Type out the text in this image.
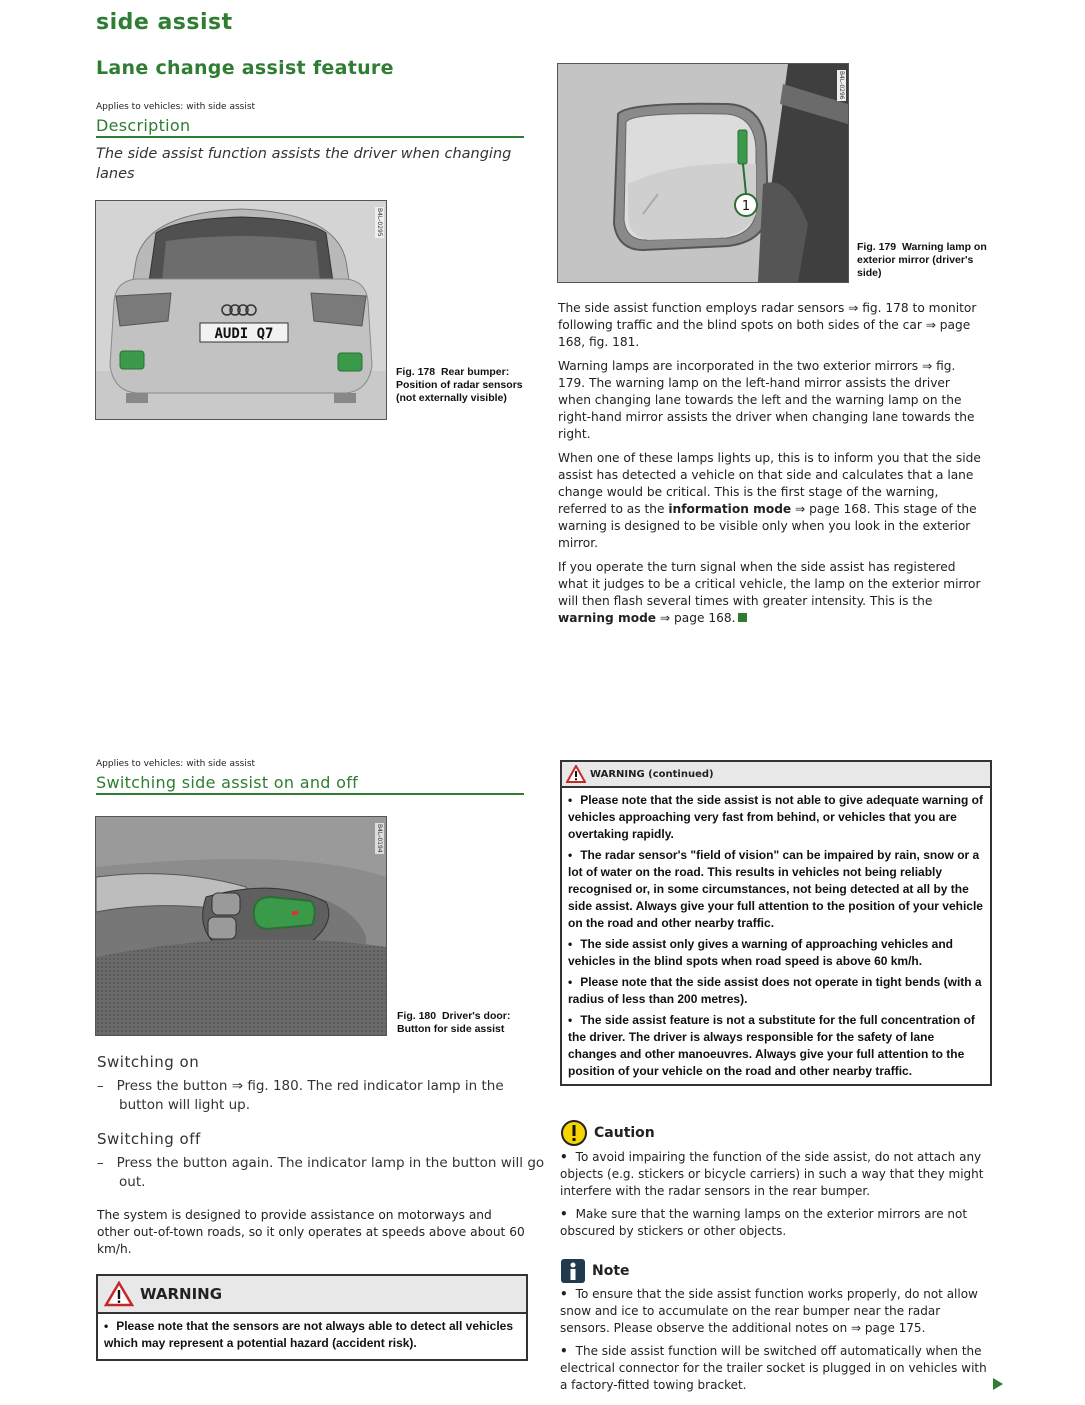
side assist
Lane change assist feature
Applies to vehicles: with side assist
Description
The side assist function assists the driver when changing lanes
AUDI Q7
B4L-0295
Fig. 178 Rear bumper: Position of radar sensors (not externally visible)
1
B4L-0296
Fig. 179 Warning lamp on exterior mirror (driver's side)

The side assist function employs radar sensors ⇒ fig. 178 to monitor following traffic and the blind spots on both sides of the car ⇒ page 168, fig. 181.

Warning lamps are incorporated in the two exterior mirrors ⇒ fig. 179. The warning lamp on the left-hand mirror assists the driver when changing lane towards the left and the warning lamp on the right-hand mirror assists the driver when changing lane towards the right.

When one of these lamps lights up, this is to inform you that the side assist has detected a vehicle on that side and calculates that a lane change would be critical. This is the first stage of the warning, referred to as the information mode ⇒ page 168. This stage of the warning is designed to be visible only when you look in the exterior mirror.

If you operate the turn signal when the side assist has registered what it judges to be a critical vehicle, the lamp on the exterior mirror will then flash several times with greater intensity. This is the warning mode ⇒ page 168.

Applies to vehicles: with side assist
Switching side assist on and off
B4L-0194
Fig. 180 Driver's door: Button for side assist
Switching on
–   Press the button ⇒ fig. 180. The red indicator lamp in the button will light up.
Switching off
–   Press the button again. The indicator lamp in the button will go out.
The system is designed to provide assistance on motorways and other out-of-town roads, so it only operates at speeds above about 60 km/h.
WARNING

• Please note that the sensors are not always able to detect all vehicles which may represent a potential hazard (accident risk).

WARNING (continued)

• Please note that the side assist is not able to give adequate warning of vehicles approaching very fast from behind, or vehicles that you are overtaking rapidly.

• The radar sensor's "field of vision" can be impaired by rain, snow or a lot of water on the road. This results in vehicles not being reliably recognised or, in some circumstances, not being detected at all by the side assist. Always give your full attention to the position of your vehicle on the road and other nearby traffic.

• The side assist only gives a warning of approaching vehicles and vehicles in the blind spots when road speed is above 60 km/h.

• Please note that the side assist does not operate in tight bends (with a radius of less than 200 metres).

• The side assist feature is not a substitute for the full concentration of the driver. The driver is always responsible for the safety of lane changes and other manoeuvres. Always give your full attention to the position of your vehicle on the road and other nearby traffic.

Caution

• To avoid impairing the function of the side assist, do not attach any objects (e.g. stickers or bicycle carriers) in such a way that they might interfere with the radar sensors in the rear bumper.

• Make sure that the warning lamps on the exterior mirrors are not obscured by stickers or other objects.

Note

• To ensure that the side assist function works properly, do not allow snow and ice to accumulate on the rear bumper near the radar sensors. Please observe the additional notes on ⇒ page 175.

• The side assist function will be switched off automatically when the electrical connector for the trailer socket is plugged in on vehicles with a factory-fitted towing bracket.
